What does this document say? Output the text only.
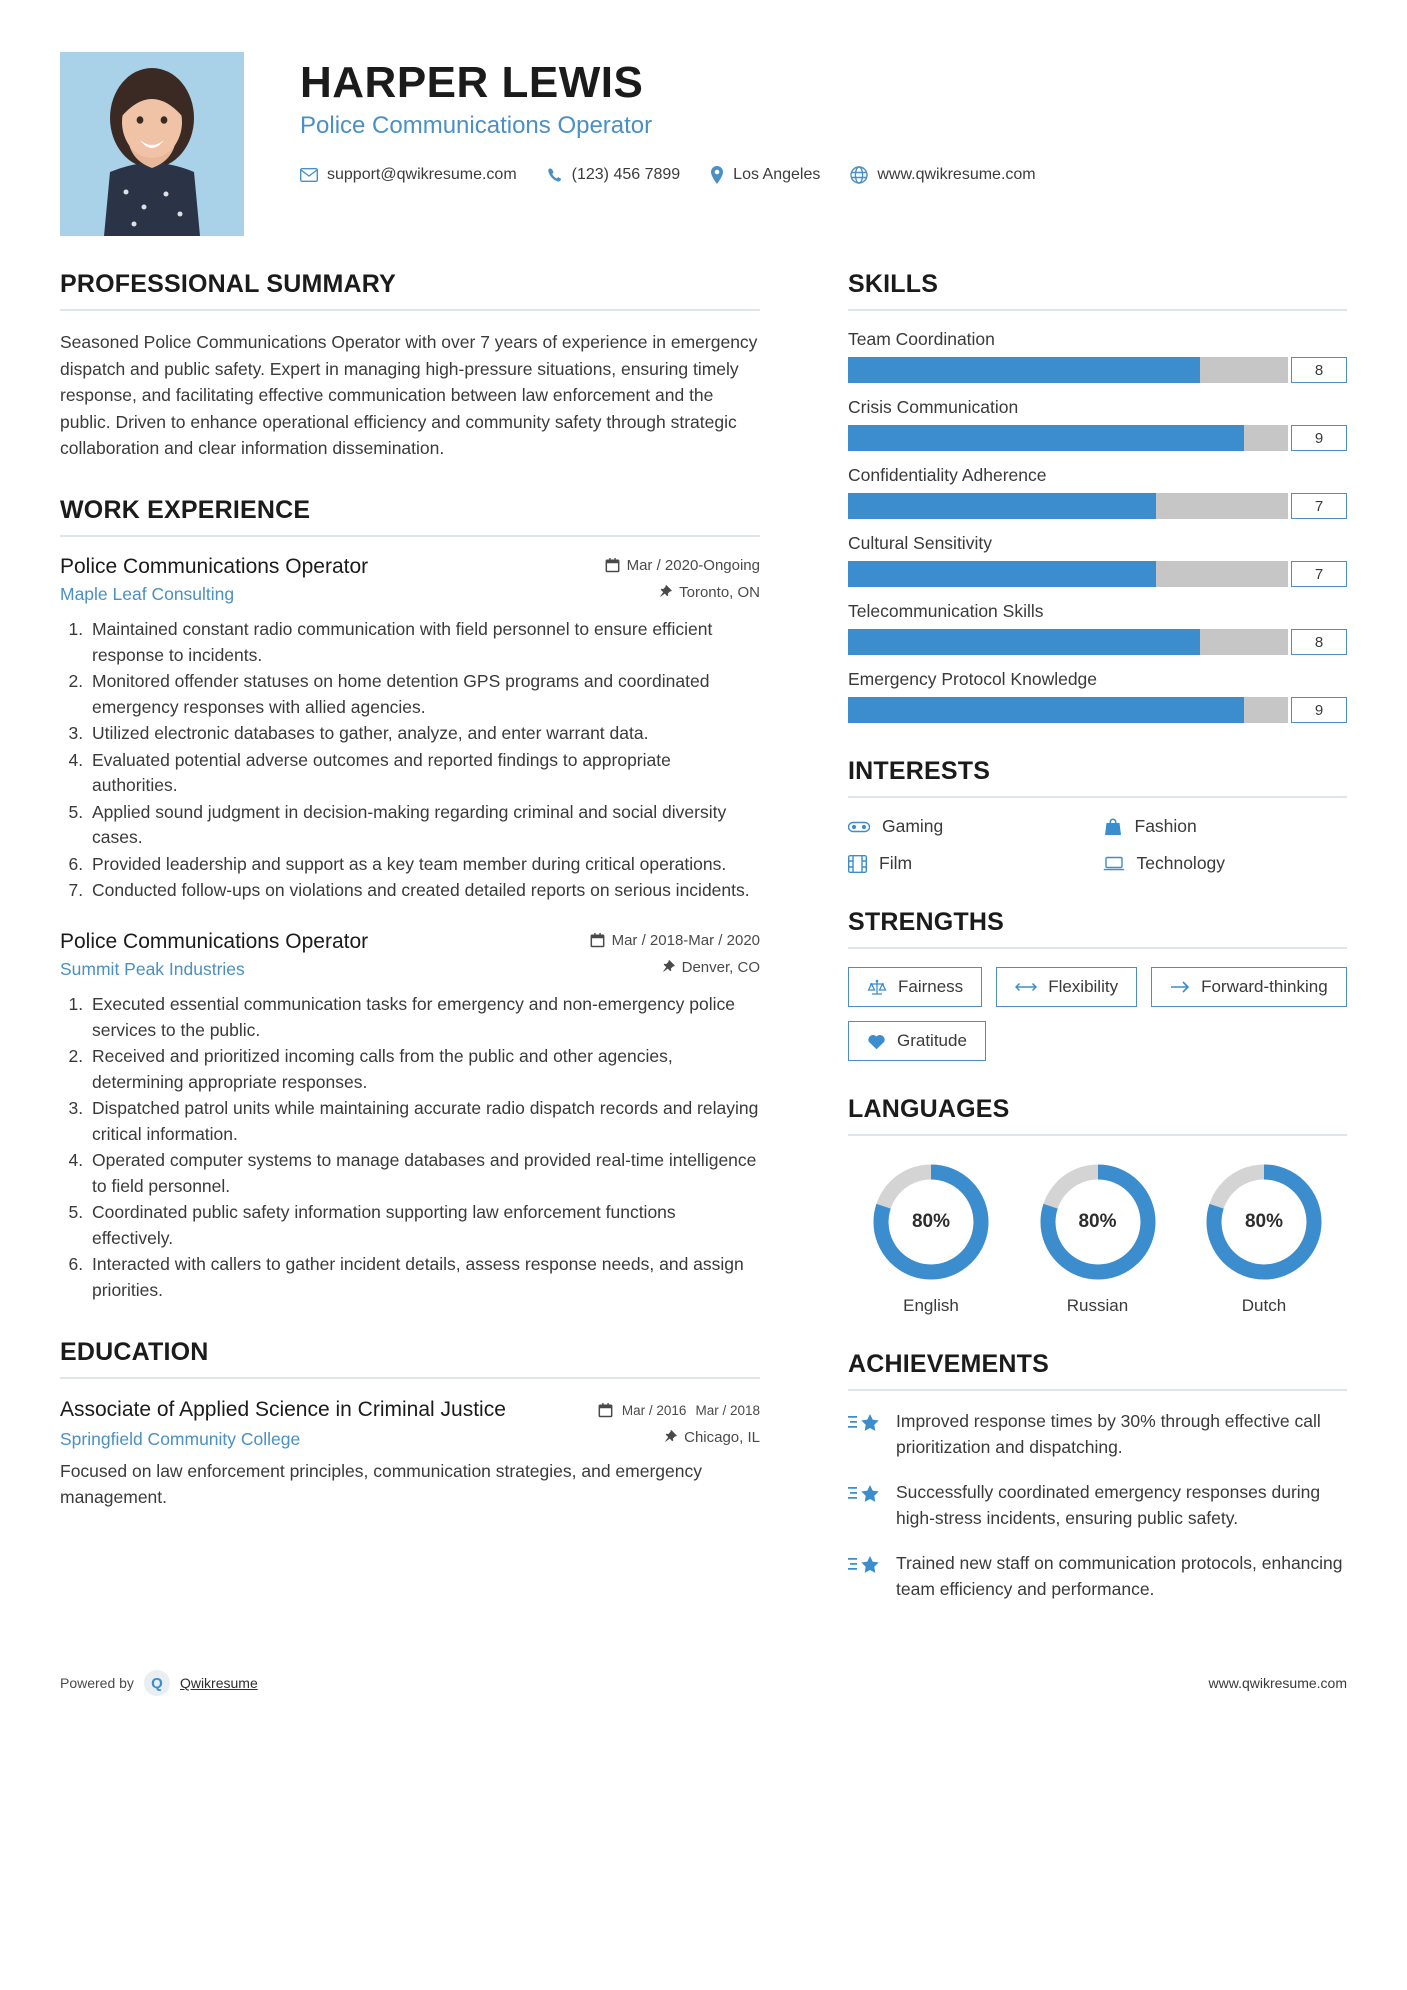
HARPER LEWIS
Police Communications Operator
support@qwikresume.com	(123) 456 7899	Los Angeles	www.qwikresume.com
PROFESSIONAL SUMMARY

Seasoned Police Communications Operator with over 7 years of experience in emergency dispatch and public safety. Expert in managing high-pressure situations, ensuring timely response, and facilitating effective communication between law enforcement and the public. Driven to enhance operational efficiency and community safety through strategic collaboration and clear information dissemination.

WORK EXPERIENCE
Police Communications Operator	Mar / 2020-Ongoing
Maple Leaf Consulting	Toronto, ON
1. Maintained constant radio communication with field personnel to ensure efficient response to incidents.
2. Monitored offender statuses on home detention GPS programs and coordinated emergency responses with allied agencies.
3. Utilized electronic databases to gather, analyze, and enter warrant data.
4. Evaluated potential adverse outcomes and reported findings to appropriate authorities.
5. Applied sound judgment in decision-making regarding criminal and social diversity cases.
6. Provided leadership and support as a key team member during critical operations.
7. Conducted follow-ups on violations and created detailed reports on serious incidents.
Police Communications Operator	Mar / 2018-Mar / 2020
Summit Peak Industries	Denver, CO
1. Executed essential communication tasks for emergency and non-emergency police services to the public.
2. Received and prioritized incoming calls from the public and other agencies, determining appropriate responses.
3. Dispatched patrol units while maintaining accurate radio dispatch records and relaying critical information.
4. Operated computer systems to manage databases and provided real-time intelligence to field personnel.
5. Coordinated public safety information supporting law enforcement functions effectively.
6. Interacted with callers to gather incident details, assess response needs, and assign priorities.
EDUCATION
Associate of Applied Science in Criminal Justice	Mar / 2016 Mar / 2018
Springfield Community College	Chicago, IL
Focused on law enforcement principles, communication strategies, and emergency management.
SKILLS
Team Coordination
8
Crisis Communication
9
Confidentiality Adherence
7
Cultural Sensitivity
7
Telecommunication Skills
8
Emergency Protocol Knowledge
9
INTERESTS
Gaming	Fashion
Film	Technology
STRENGTHS
Fairness	Flexibility	Forward-thinking
Gratitude
LANGUAGES
80%
English
80%
Russian
80%
Dutch
ACHIEVEMENTS
Improved response times by 30% through effective call prioritization and dispatching.
Successfully coordinated emergency responses during high-stress incidents, ensuring public safety.
Trained new staff on communication protocols, enhancing team efficiency and performance.
Powered by	Q	Qwikresume	www.qwikresume.com
